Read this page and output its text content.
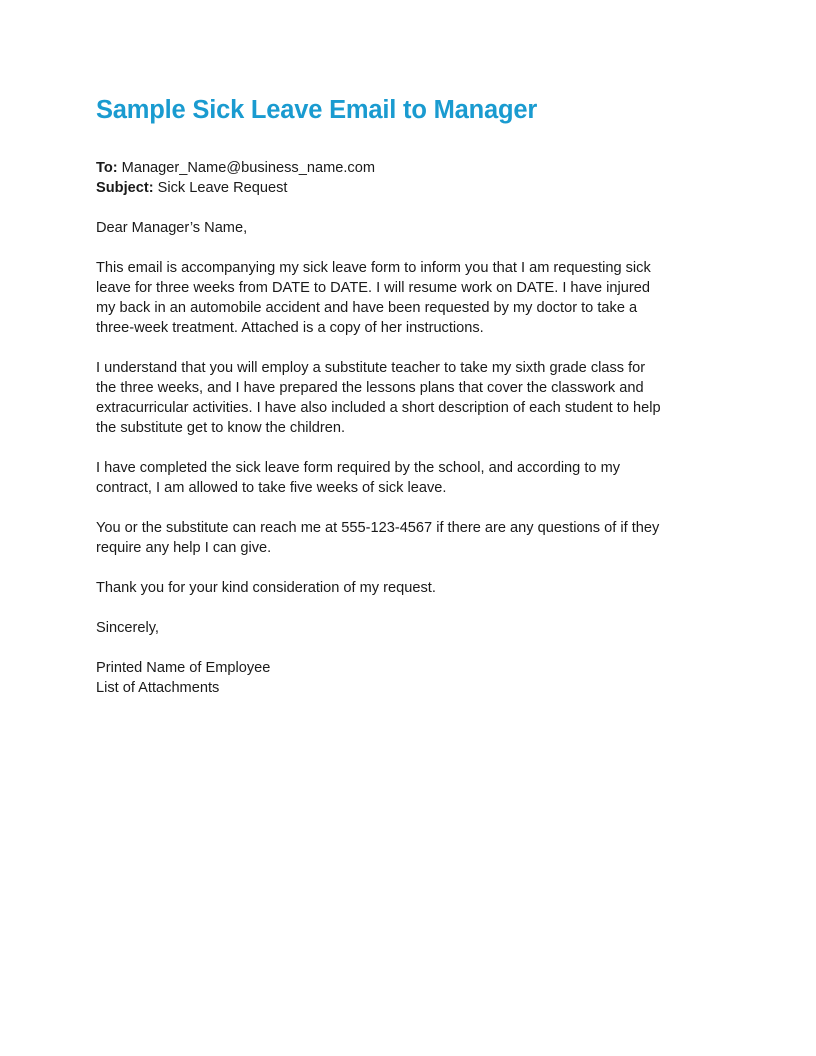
Sample Sick Leave Email to Manager
To: Manager_Name@business_name.com
Subject: Sick Leave Request

Dear Manager’s Name,

This email is accompanying my sick leave form to inform you that I am requesting sick
leave for three weeks from DATE to DATE. I will resume work on DATE. I have injured
my back in an automobile accident and have been requested by my doctor to take a
three-week treatment. Attached is a copy of her instructions.

I understand that you will employ a substitute teacher to take my sixth grade class for
the three weeks, and I have prepared the lessons plans that cover the classwork and
extracurricular activities. I have also included a short description of each student to help
the substitute get to know the children.

I have completed the sick leave form required by the school, and according to my
contract, I am allowed to take five weeks of sick leave.

You or the substitute can reach me at 555-123-4567 if there are any questions of if they
require any help I can give.

Thank you for your kind consideration of my request.

Sincerely,

Printed Name of Employee
List of Attachments
